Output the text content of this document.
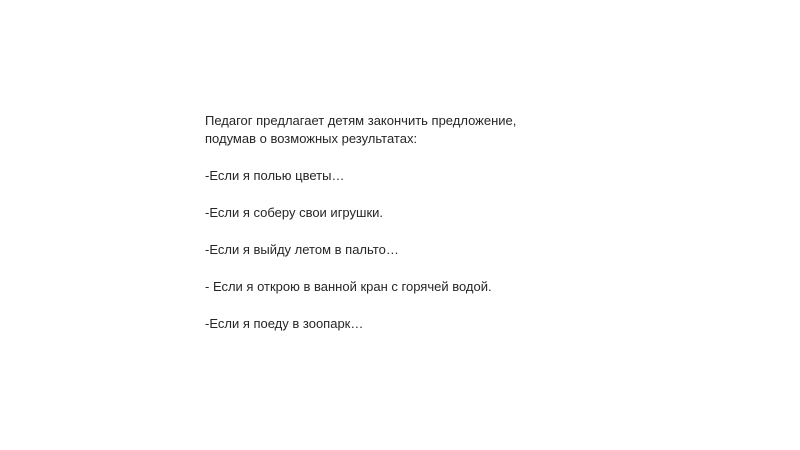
Педагог предлагает детям закончить предложение,

подумав о возможных результатах:

-Если я полью цветы…

-Если я соберу свои игрушки.

-Если я выйду летом в пальто…

- Если я открою в ванной кран с горячей водой.

-Если я поеду в зоопарк…
